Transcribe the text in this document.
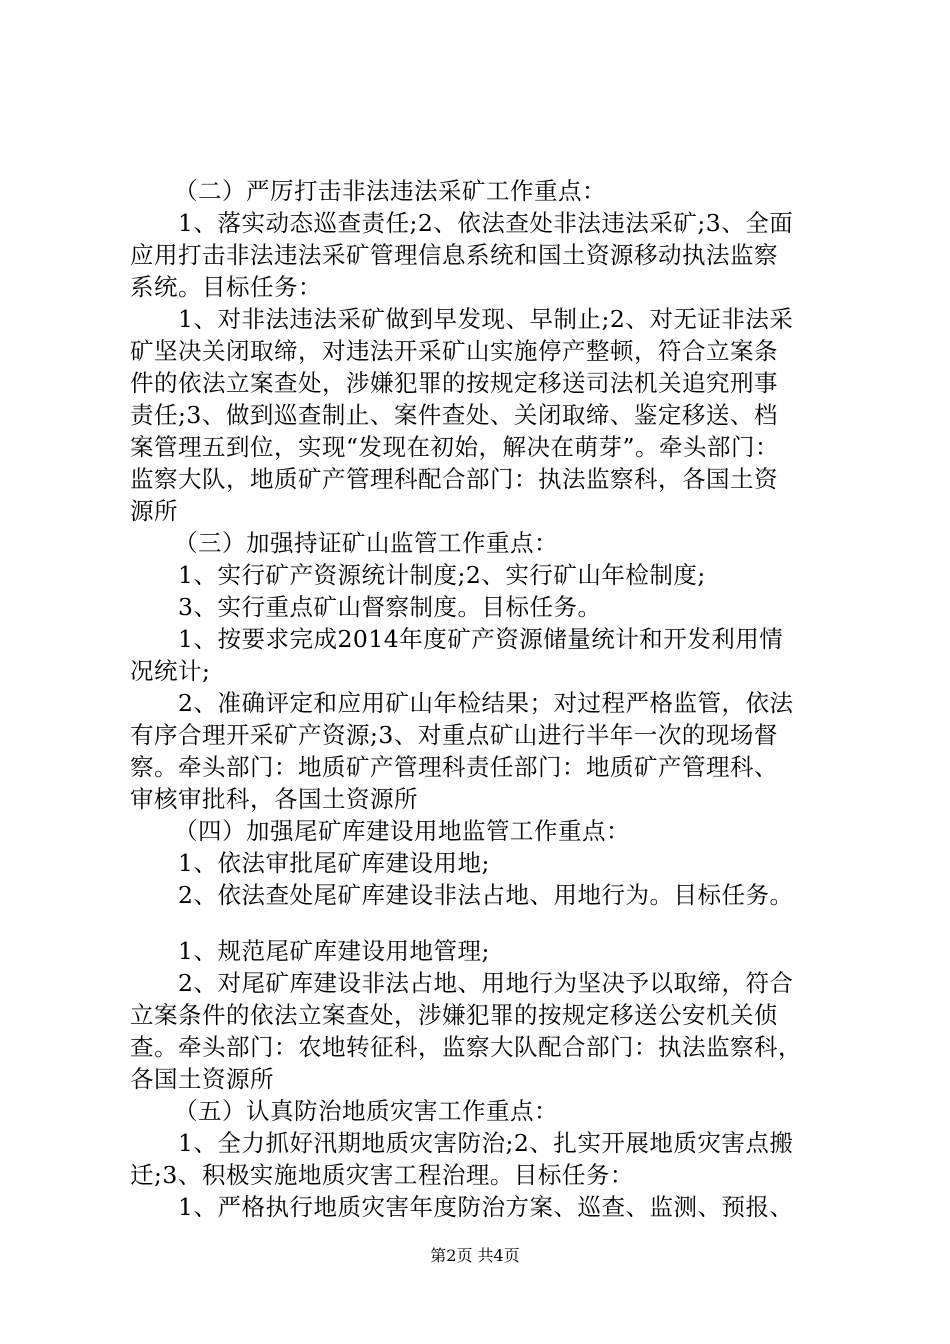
（二）严厉打击非法违法采矿工作重点：
1、落实动态巡查责任;2、依法查处非法违法采矿;3、全面
应用打击非法违法采矿管理信息系统和国土资源移动执法监察
系统。目标任务：
1、对非法违法采矿做到早发现、早制止;2、对无证非法采
矿坚决关闭取缔，对违法开采矿山实施停产整顿，符合立案条
件的依法立案查处，涉嫌犯罪的按规定移送司法机关追究刑事
责任;3、做到巡查制止、案件查处、关闭取缔、鉴定移送、档
案管理五到位，实现“发现在初始，解决在萌芽”。牵头部门：
监察大队，地质矿产管理科配合部门：执法监察科，各国土资
源所
（三）加强持证矿山监管工作重点：
1、实行矿产资源统计制度;2、实行矿山年检制度;
3、实行重点矿山督察制度。目标任务。
1、按要求完成2014年度矿产资源储量统计和开发利用情
况统计;
2、准确评定和应用矿山年检结果；对过程严格监管，依法
有序合理开采矿产资源;3、对重点矿山进行半年一次的现场督
察。牵头部门：地质矿产管理科责任部门：地质矿产管理科、
审核审批科，各国土资源所
（四）加强尾矿库建设用地监管工作重点：
1、依法审批尾矿库建设用地;
2、依法查处尾矿库建设非法占地、用地行为。目标任务。
1、规范尾矿库建设用地管理;
2、对尾矿库建设非法占地、用地行为坚决予以取缔，符合
立案条件的依法立案查处，涉嫌犯罪的按规定移送公安机关侦
查。牵头部门：农地转征科，监察大队配合部门：执法监察科，
各国土资源所
（五）认真防治地质灾害工作重点：
1、全力抓好汛期地质灾害防治;2、扎实开展地质灾害点搬
迁;3、积极实施地质灾害工程治理。目标任务：
1、严格执行地质灾害年度防治方案、巡查、监测、预报、
第2页 共4页
